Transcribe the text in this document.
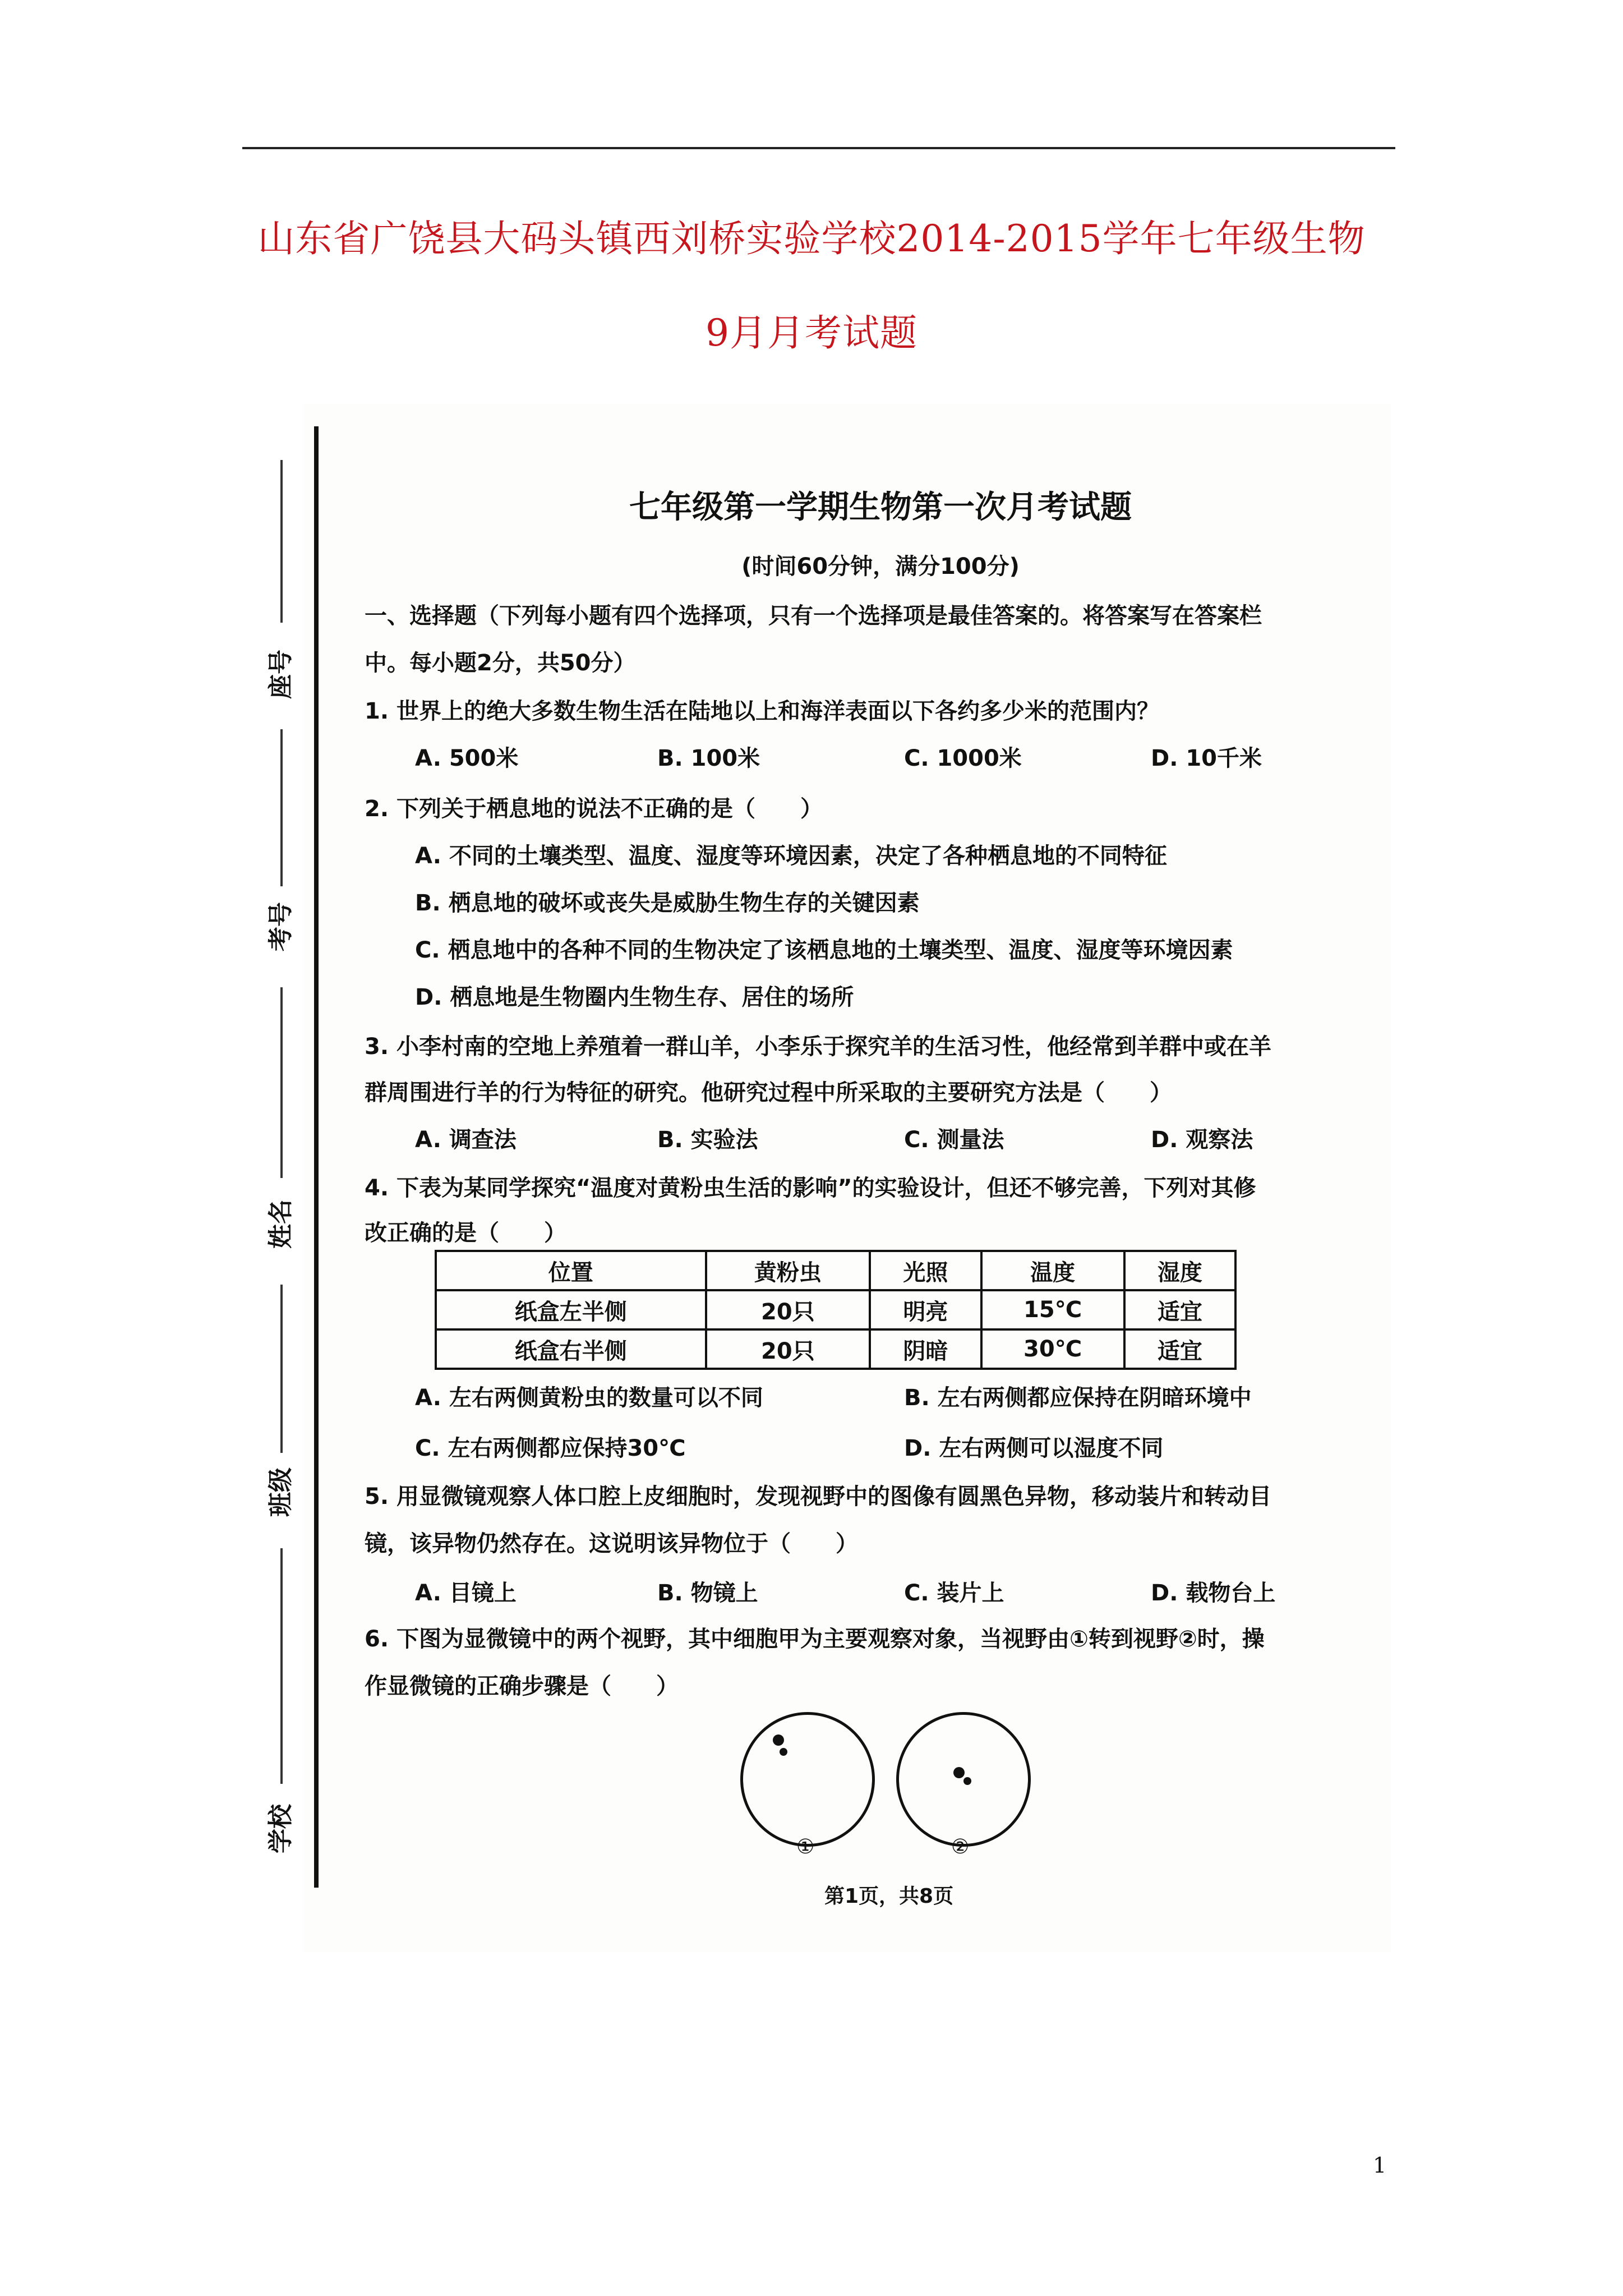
山东省广饶县大码头镇西刘桥实验学校2014-2015学年七年级生物
9月月考试题
座号
考号
姓名
班级
学校
七年级第一学期生物第一次月考试题
(时间60分钟，满分100分)
一、选择题（下列每小题有四个选择项，只有一个选择项是最佳答案的。将答案写在答案栏
中。每小题2分，共50分）
1. 世界上的绝大多数生物生活在陆地以上和海洋表面以下各约多少米的范围内？
A. 500米	B. 100米	C. 1000米	D. 10千米
2. 下列关于栖息地的说法不正确的是（　　）
A. 不同的土壤类型、温度、湿度等环境因素，决定了各种栖息地的不同特征
B. 栖息地的破坏或丧失是威胁生物生存的关键因素
C. 栖息地中的各种不同的生物决定了该栖息地的土壤类型、温度、湿度等环境因素
D. 栖息地是生物圈内生物生存、居住的场所
3. 小李村南的空地上养殖着一群山羊，小李乐于探究羊的生活习性，他经常到羊群中或在羊
群周围进行羊的行为特征的研究。他研究过程中所采取的主要研究方法是（　　）
A. 调查法	B. 实验法	C. 测量法	D. 观察法
4. 下表为某同学探究“温度对黄粉虫生活的影响”的实验设计，但还不够完善，下列对其修
改正确的是（　　）
位置	黄粉虫	光照	温度	湿度
纸盒左半侧	20只	明亮	15℃	适宜
纸盒右半侧	20只	阴暗	30℃	适宜
A. 左右两侧黄粉虫的数量可以不同	B. 左右两侧都应保持在阴暗环境中
C. 左右两侧都应保持30℃	D. 左右两侧可以湿度不同
5. 用显微镜观察人体口腔上皮细胞时，发现视野中的图像有圆黑色异物，移动装片和转动目
镜，该异物仍然存在。这说明该异物位于（　　）
A. 目镜上	B. 物镜上	C. 装片上	D. 载物台上
6. 下图为显微镜中的两个视野，其中细胞甲为主要观察对象，当视野由①转到视野②时，操
作显微镜的正确步骤是（　　）
①	②
第1页，共8页
1
